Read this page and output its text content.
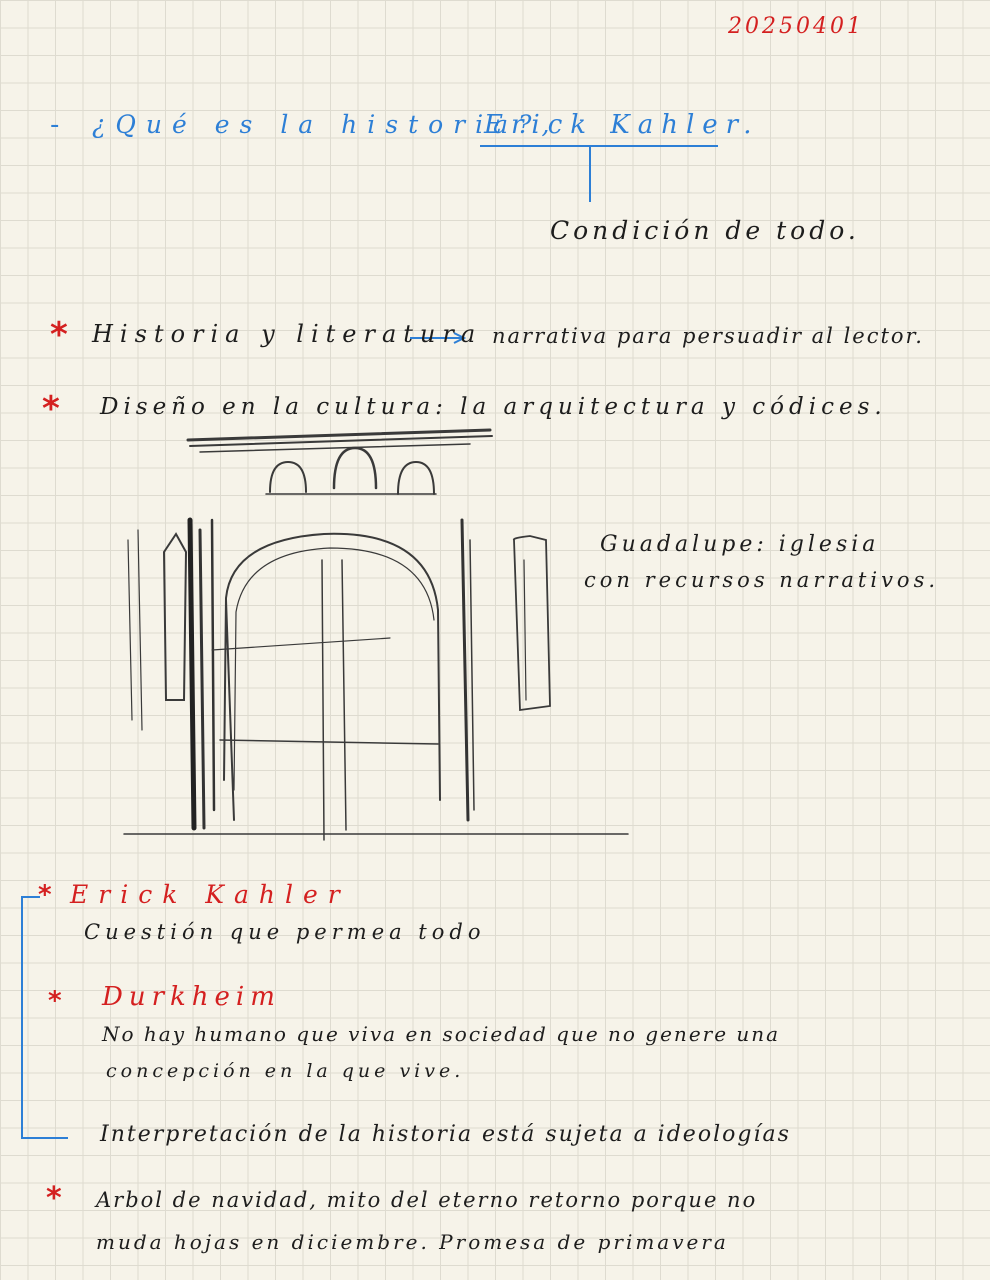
20250401
- ¿Qué es la historia?,
Erick Kahler.
Condición de todo.
* Historia y literatura narrativa para persuadir al lector.
* Diseño en la cultura: la arquitectura y códices.
Guadalupe: iglesia
con recursos narrativos.
* Erick Kahler
Cuestión que permea todo
* Durkheim
No hay humano que viva en sociedad que no genere una
concepción en la que vive.
Interpretación de la historia está sujeta a ideologías
* Arbol de navidad, mito del eterno retorno porque no
muda hojas en diciembre. Promesa de primavera
